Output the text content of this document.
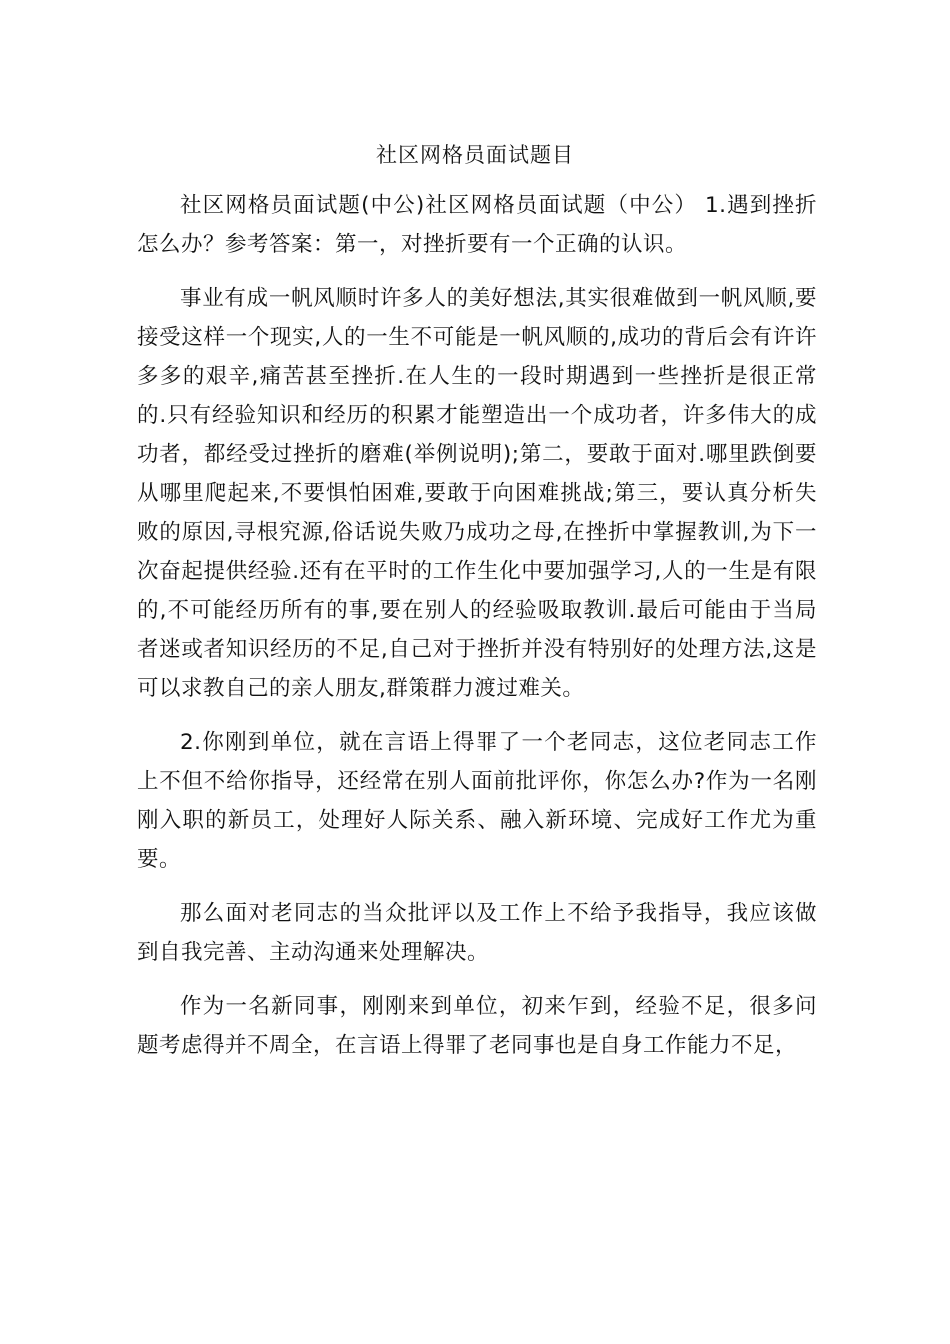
社区网格员面试题目

社区网格员面试题(中公)社区网格员面试题（中公） 1.遇到挫折怎么办？参考答案：第一，对挫折要有一个正确的认识。

事业有成一帆风顺时许多人的美好想法,其实很难做到一帆风顺,要接受这样一个现实,人的一生不可能是一帆风顺的,成功的背后会有许许多多的艰辛,痛苦甚至挫折.在人生的一段时期遇到一些挫折是很正常的.只有经验知识和经历的积累才能塑造出一个成功者，许多伟大的成功者，都经受过挫折的磨难(举例说明);第二，要敢于面对.哪里跌倒要从哪里爬起来,不要惧怕困难,要敢于向困难挑战;第三，要认真分析失败的原因,寻根究源,俗话说失败乃成功之母,在挫折中掌握教训,为下一次奋起提供经验.还有在平时的工作生化中要加强学习,人的一生是有限的,不可能经历所有的事,要在别人的经验吸取教训.最后可能由于当局者迷或者知识经历的不足,自己对于挫折并没有特别好的处理方法,这是可以求教自己的亲人朋友,群策群力渡过难关。

2.你刚到单位，就在言语上得罪了一个老同志，这位老同志工作上不但不给你指导，还经常在别人面前批评你，你怎么办?作为一名刚刚入职的新员工，处理好人际关系、融入新环境、完成好工作尤为重要。

那么面对老同志的当众批评以及工作上不给予我指导，我应该做到自我完善、主动沟通来处理解决。

作为一名新同事，刚刚来到单位，初来乍到，经验不足，很多问题考虑得并不周全，在言语上得罪了老同事也是自身工作能力不足，
